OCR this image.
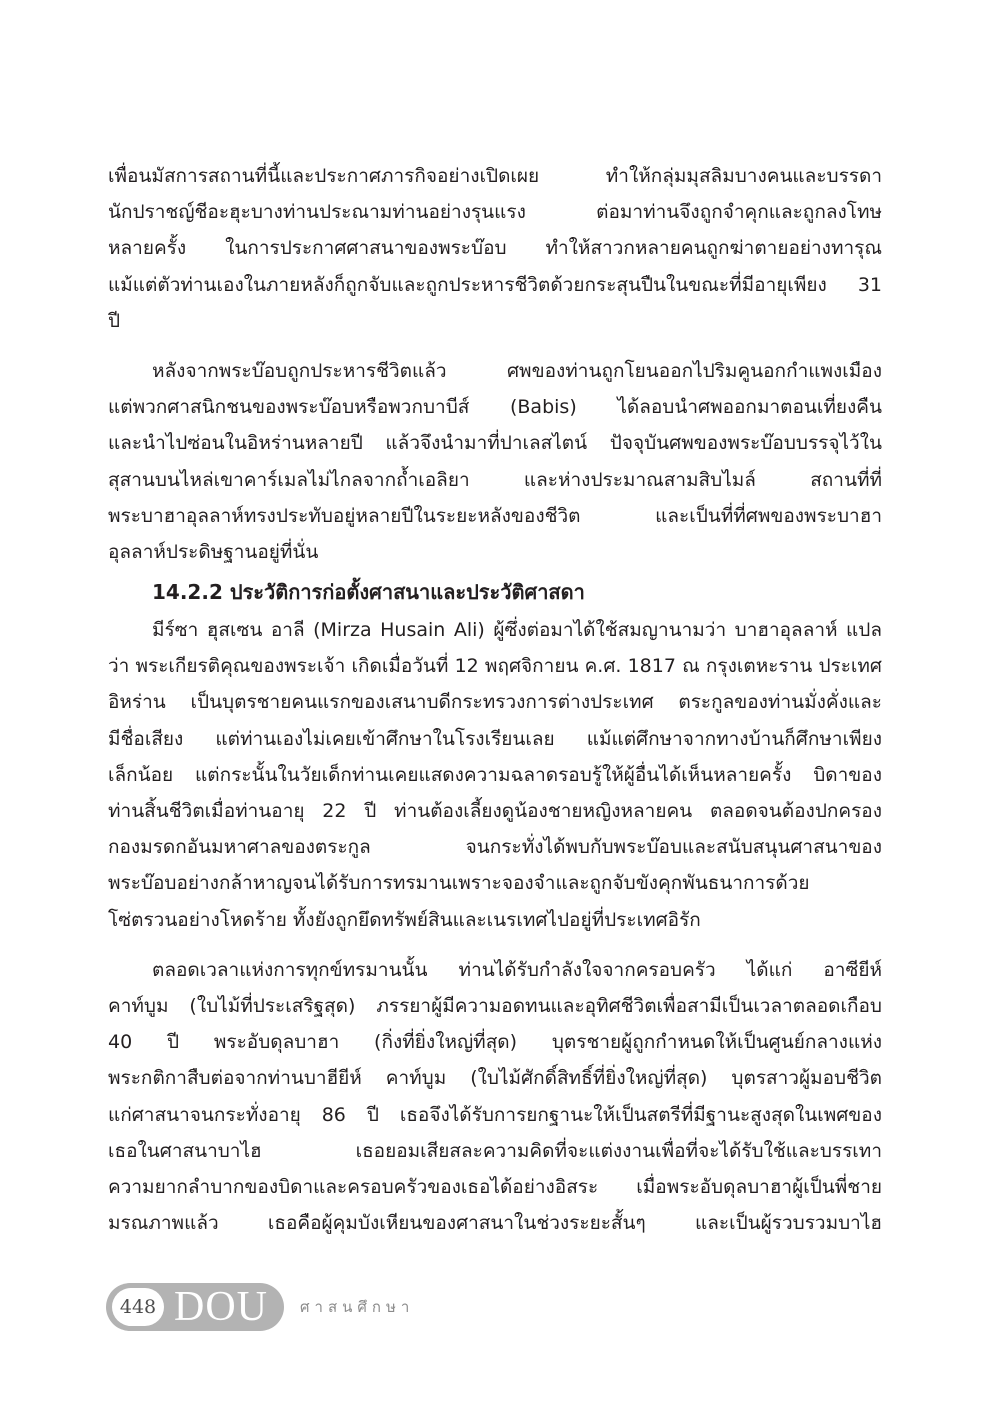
เพื่อนมัสการสถานที่นี้และประกาศภารกิจอย่างเปิดเผย ทำให้กลุ่มมุสลิมบางคนและบรรดา
นักปราชญ์ชีอะฮุะบางท่านประณามท่านอย่างรุนแรง ต่อมาท่านจึงถูกจำคุกและถูกลงโทษ
หลายครั้ง ในการประกาศศาสนาของพระบ๊อบ ทำให้สาวกหลายคนถูกฆ่าตายอย่างทารุณ
แม้แต่ตัวท่านเองในภายหลังก็ถูกจับและถูกประหารชีวิตด้วยกระสุนปืนในขณะที่มีอายุเพียง 31
ปี
หลังจากพระบ๊อบถูกประหารชีวิตแล้ว ศพของท่านถูกโยนออกไปริมคูนอกกำแพงเมือง
แต่พวกศาสนิกชนของพระบ๊อบหรือพวกบาบีส์ (Babis) ได้ลอบนำศพออกมาตอนเที่ยงคืน
และนำไปซ่อนในอิหร่านหลายปี แล้วจึงนำมาที่ปาเลสไตน์ ปัจจุบันศพของพระบ๊อบบรรจุไว้ใน
สุสานบนไหล่เขาคาร์เมลไม่ไกลจากถ้ำเอลิยา และห่างประมาณสามสิบไมล์ สถานที่ที่
พระบาฮาอุลลาห์ทรงประทับอยู่หลายปีในระยะหลังของชีวิต และเป็นที่ที่ศพของพระบาฮา
อุลลาห์ประดิษฐานอยู่ที่นั่น
14.2.2 ประวัติการก่อตั้งศาสนาและประวัติศาสดา
มีร์ซา ฮุสเซน อาลี (Mirza Husain Ali) ผู้ซึ่งต่อมาได้ใช้สมญานามว่า บาฮาอุลลาห์ แปล
ว่า พระเกียรติคุณของพระเจ้า เกิดเมื่อวันที่ 12 พฤศจิกายน ค.ศ. 1817 ณ กรุงเตหะราน ประเทศ
อิหร่าน เป็นบุตรชายคนแรกของเสนาบดีกระทรวงการต่างประเทศ ตระกูลของท่านมั่งคั่งและ
มีชื่อเสียง แต่ท่านเองไม่เคยเข้าศึกษาในโรงเรียนเลย แม้แต่ศึกษาจากทางบ้านก็ศึกษาเพียง
เล็กน้อย แต่กระนั้นในวัยเด็กท่านเคยแสดงความฉลาดรอบรู้ให้ผู้อื่นได้เห็นหลายครั้ง บิดาของ
ท่านสิ้นชีวิตเมื่อท่านอายุ 22 ปี ท่านต้องเลี้ยงดูน้องชายหญิงหลายคน ตลอดจนต้องปกครอง
กองมรดกอันมหาศาลของตระกูล จนกระทั่งได้พบกับพระบ๊อบและสนับสนุนศาสนาของ
พระบ๊อบอย่างกล้าหาญจนได้รับการทรมานเพราะจองจำและถูกจับขังคุกพันธนาการด้วย
โซ่ตรวนอย่างโหดร้าย ทั้งยังถูกยึดทรัพย์สินและเนรเทศไปอยู่ที่ประเทศอิรัก
ตลอดเวลาแห่งการทุกข์ทรมานนั้น ท่านได้รับกำลังใจจากครอบครัว ได้แก่ อาซียีห์
คาท์บูม (ใบไม้ที่ประเสริฐสุด) ภรรยาผู้มีความอดทนและอุทิศชีวิตเพื่อสามีเป็นเวลาตลอดเกือบ
40 ปี พระอับดุลบาฮา (กิ่งที่ยิ่งใหญ่ที่สุด) บุตรชายผู้ถูกกำหนดให้เป็นศูนย์กลางแห่ง
พระกติกาสืบต่อจากท่านบาฮียีห์ คาท์บูม (ใบไม้ศักดิ์สิทธิ์ที่ยิ่งใหญ่ที่สุด) บุตรสาวผู้มอบชีวิต
แก่ศาสนาจนกระทั่งอายุ 86 ปี เธอจึงได้รับการยกฐานะให้เป็นสตรีที่มีฐานะสูงสุดในเพศของ
เธอในศาสนาบาไฮ เธอยอมเสียสละความคิดที่จะแต่งงานเพื่อที่จะได้รับใช้และบรรเทา
ความยากลำบากของบิดาและครอบครัวของเธอได้อย่างอิสระ เมื่อพระอับดุลบาฮาผู้เป็นพี่ชาย
มรณภาพแล้ว เธอคือผู้คุมบังเหียนของศาสนาในช่วงระยะสั้นๆ และเป็นผู้รวบรวมบาไฮ
448 DOU ศาสนศึกษา
